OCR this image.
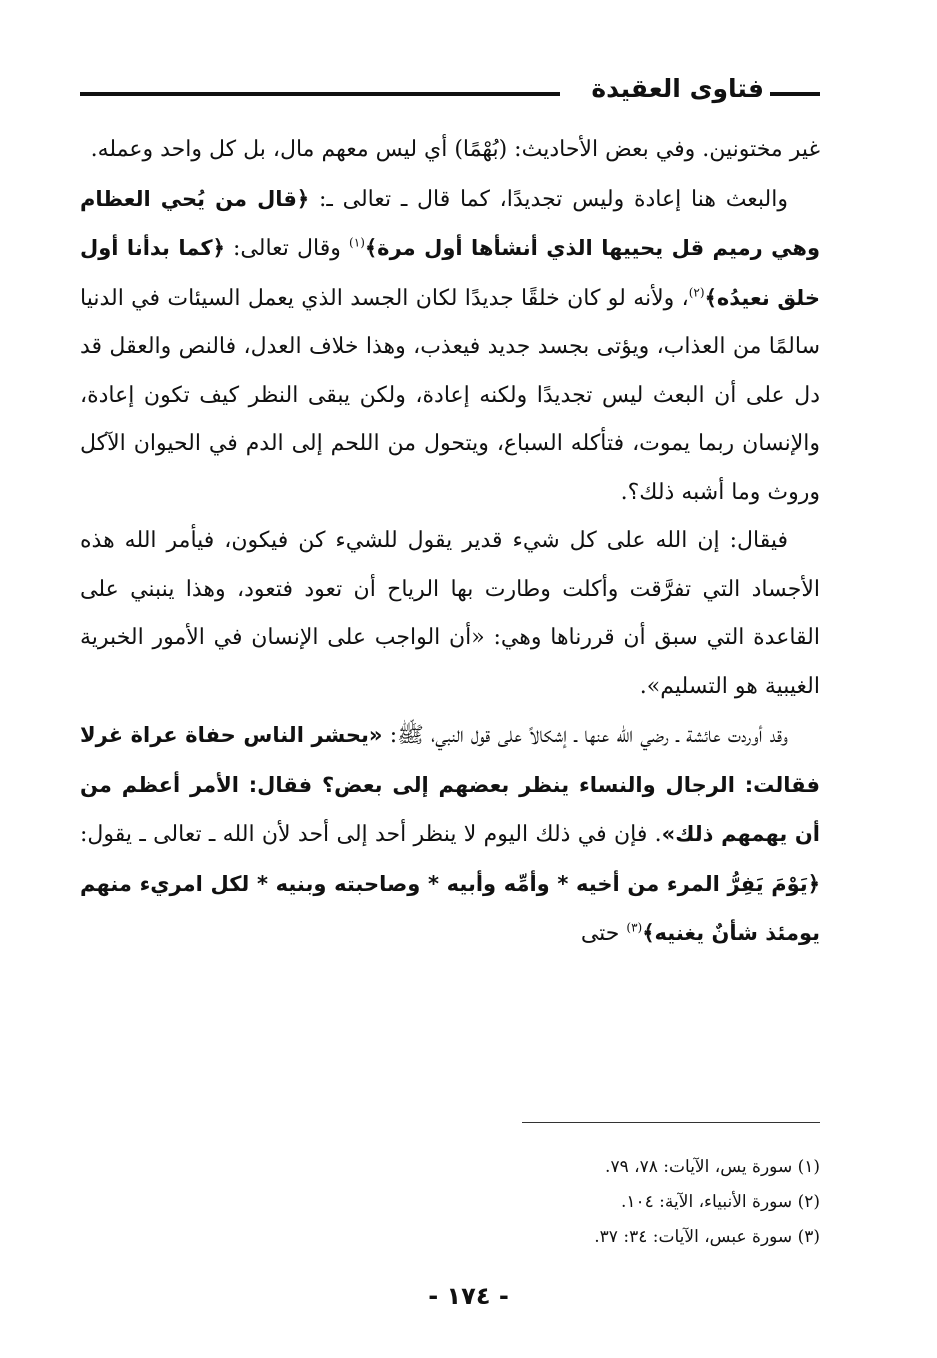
فتاوى العقيدة

غير مختونين. وفي بعض الأحاديث: (بُهْمًا) أي ليس معهم مال، بل كل واحد وعمله.

والبعث هنا إعادة وليس تجديدًا، كما قال ـ تعالى ـ: ﴿قال من يُحي العظام وهي رميم قل يحييها الذي أنشأها أول مرة﴾$^{(١)}$ وقال تعالى: ﴿كما بدأنا أول خلق نعيدُه﴾$^{(٢)}$، ولأنه لو كان خلقًا جديدًا لكان الجسد الذي يعمل السيئات في الدنيا سالمًا من العذاب، ويؤتى بجسد جديد فيعذب، وهذا خلاف العدل، فالنص والعقل قد دل على أن البعث ليس تجديدًا ولكنه إعادة، ولكن يبقى النظر كيف تكون إعادة، والإنسان ربما يموت، فتأكله السباع، ويتحول من اللحم إلى الدم في الحيوان الآكل وروث وما أشبه ذلك؟.

فيقال: إن الله على كل شيء قدير يقول للشيء كن فيكون، فيأمر الله هذه الأجساد التي تفرَّقت وأكلت وطارت بها الرياح أن تعود فتعود، وهذا ينبني على القاعدة التي سبق أن قررناها وهي: «أن الواجب على الإنسان في الأمور الخبرية الغيبية هو التسليم».

وقد أوردت عائشة ـ رضي الله عنها ـ إشكالاً على قول النبي، ﷺ: «يحشر الناس حفاة عراة غرلا فقالت: الرجال والنساء ينظر بعضهم إلى بعض؟ فقال: الأمر أعظم من أن يهمهم ذلك». فإن في ذلك اليوم لا ينظر أحد إلى أحد لأن الله ـ تعالى ـ يقول: ﴿يَوْمَ يَفِرُّ المرء من أخيه * وأمِّه وأبيه * وصاحبته وبنيه * لكل امريء منهم يومئذ شأنٌ يغنيه﴾$^{(٣)}$ حتى

(١) سورة يس، الآيات: ٧٨، ٧٩.
(٢) سورة الأنبياء، الآية: ١٠٤.
(٣) سورة عبس، الآيات: ٣٤: ٣٧.
- ١٧٤ -
